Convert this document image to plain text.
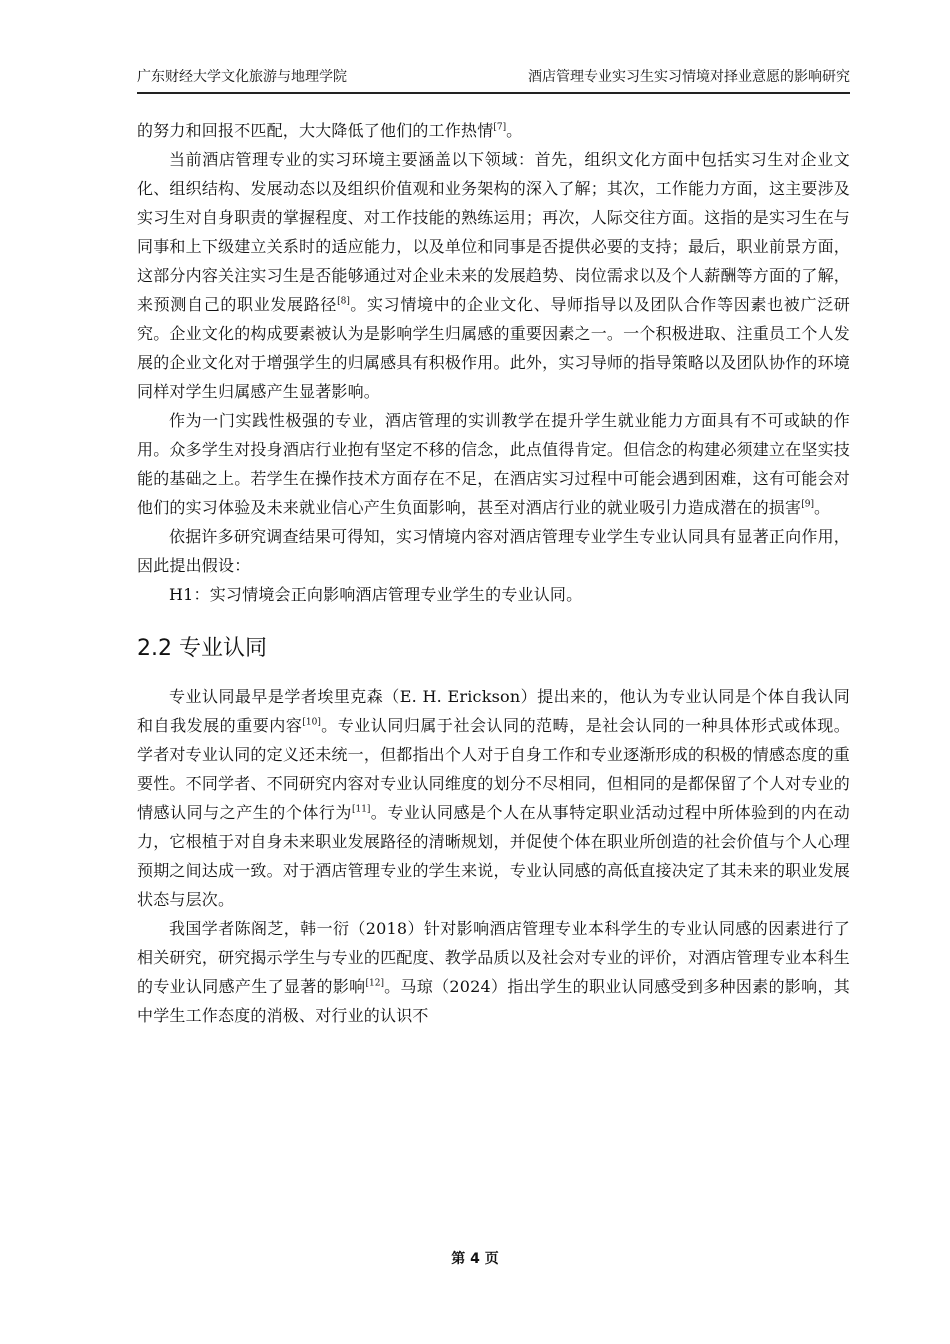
广东财经大学文化旅游与地理学院	酒店管理专业实习生实习情境对择业意愿的影响研究

的努力和回报不匹配，大大降低了他们的工作热情[7]。

当前酒店管理专业的实习环境主要涵盖以下领域：首先，组织文化方面中包括实习生对企业文化、组织结构、发展动态以及组织价值观和业务架构的深入了解；其次，工作能力方面，这主要涉及实习生对自身职责的掌握程度、对工作技能的熟练运用；再次，人际交往方面。这指的是实习生在与同事和上下级建立关系时的适应能力，以及单位和同事是否提供必要的支持；最后，职业前景方面，这部分内容关注实习生是否能够通过对企业未来的发展趋势、岗位需求以及个人薪酬等方面的了解，来预测自己的职业发展路径[8]。实习情境中的企业文化、导师指导以及团队合作等因素也被广泛研究。企业文化的构成要素被认为是影响学生归属感的重要因素之一。一个积极进取、注重员工个人发展的企业文化对于增强学生的归属感具有积极作用。此外，实习导师的指导策略以及团队协作的环境同样对学生归属感产生显著影响。

作为一门实践性极强的专业，酒店管理的实训教学在提升学生就业能力方面具有不可或缺的作用。众多学生对投身酒店行业抱有坚定不移的信念，此点值得肯定。但信念的构建必须建立在坚实技能的基础之上。若学生在操作技术方面存在不足，在酒店实习过程中可能会遇到困难，这有可能会对他们的实习体验及未来就业信心产生负面影响，甚至对酒店行业的就业吸引力造成潜在的损害[9]。

依据许多研究调查结果可得知，实习情境内容对酒店管理专业学生专业认同具有显著正向作用，因此提出假设：

H1：实习情境会正向影响酒店管理专业学生的专业认同。

2.2 专业认同

专业认同最早是学者埃里克森（E. H. Erickson）提出来的，他认为专业认同是个体自我认同和自我发展的重要内容[10]。专业认同归属于社会认同的范畴，是社会认同的一种具体形式或体现。学者对专业认同的定义还未统一，但都指出个人对于自身工作和专业逐渐形成的积极的情感态度的重要性。不同学者、不同研究内容对专业认同维度的划分不尽相同，但相同的是都保留了个人对专业的情感认同与之产生的个体行为[11]。专业认同感是个人在从事特定职业活动过程中所体验到的内在动力，它根植于对自身未来职业发展路径的清晰规划，并促使个体在职业所创造的社会价值与个人心理预期之间达成一致。对于酒店管理专业的学生来说，专业认同感的高低直接决定了其未来的职业发展状态与层次。

我国学者陈阁芝，韩一衍（2018）针对影响酒店管理专业本科学生的专业认同感的因素进行了相关研究，研究揭示学生与专业的匹配度、教学品质以及社会对专业的评价，对酒店管理专业本科生的专业认同感产生了显著的影响[12]。马琼（2024）指出学生的职业认同感受到多种因素的影响，其中学生工作态度的消极、对行业的认识不

第 4 页
